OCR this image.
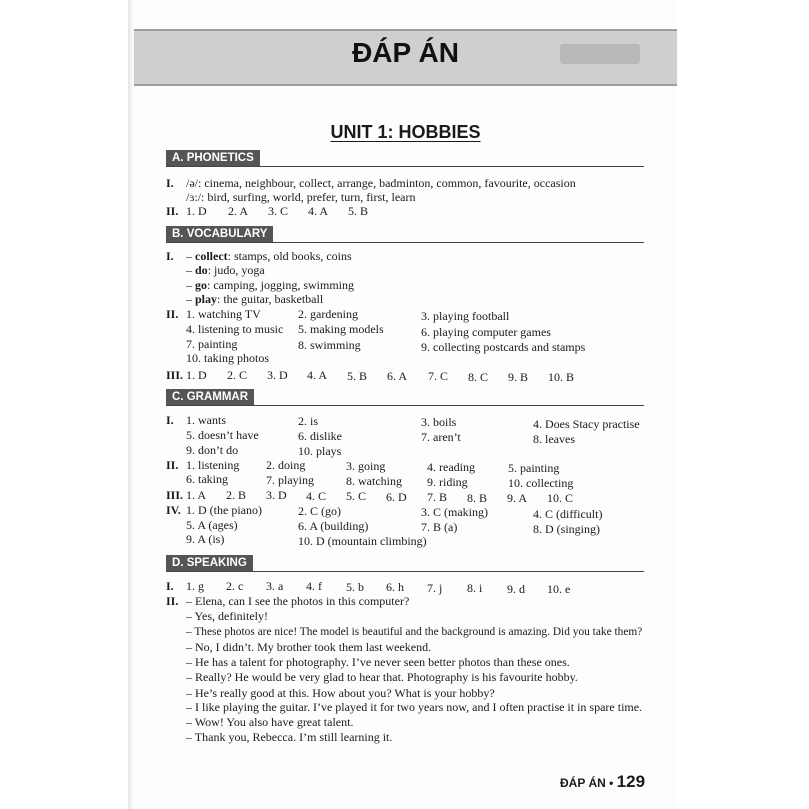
ĐÁP ÁN
UNIT 1: HOBBIES
A. PHONETICS
I. /ə/: cinema, neighbour, collect, arrange, badminton, common, favourite, occasion
/ɜ:/: bird, surfing, world, prefer, turn, first, learn
II. 1. D 2. A 3. C 4. A 5. B
B. VOCABULARY
I. – collect: stamps, old books, coins
– do: judo, yoga
– go: camping, jogging, swimming
– play: the guitar, basketball
II. 1. watching TV	2. gardening	3. playing football
4. listening to music 5. making models	6. playing computer games
7. painting	8. swimming	9. collecting postcards and stamps
10. taking photos
III. 1. D 2. C 3. D 4. A 5. B 6. A 7. C 8. C 9. B 10. B
C. GRAMMAR
I. 1. wants	2. is	3. boils	4. Does Stacy practise
5. doesn’t have	6. dislike	7. aren’t	8. leaves
9. don’t do	10. plays
II. 1. listening 2. doing	3. going	4. reading	5. painting
6. taking	7. playing	8. watching 9. riding	10. collecting
III. 1. A 2. B 3. D 4. C 5. C 6. D 7. B 8. B 9. A 10. C
IV. 1. D (the piano)	2. C (go)	3. C (making)	4. C (difficult)
5. A (ages)	6. A (building)	7. B (a)	8. D (singing)
9. A (is)	10. D (mountain climbing)
D. SPEAKING
I. 1. g 2. c 3. a 4. f 5. b 6. h 7. j 8. i 9. d 10. e
II. – Elena, can I see the photos in this computer?
– Yes, definitely!
– These photos are nice! The model is beautiful and the background is amazing. Did you take them?
– No, I didn’t. My brother took them last weekend.
– He has a talent for photography. I’ve never seen better photos than these ones.
– Really? He would be very glad to hear that. Photography is his favourite hobby.
– He’s really good at this. How about you? What is your hobby?
– I like playing the guitar. I’ve played it for two years now, and I often practise it in spare time.
– Wow! You also have great talent.
– Thank you, Rebecca. I’m still learning it.
ĐÁP ÁN • 129
